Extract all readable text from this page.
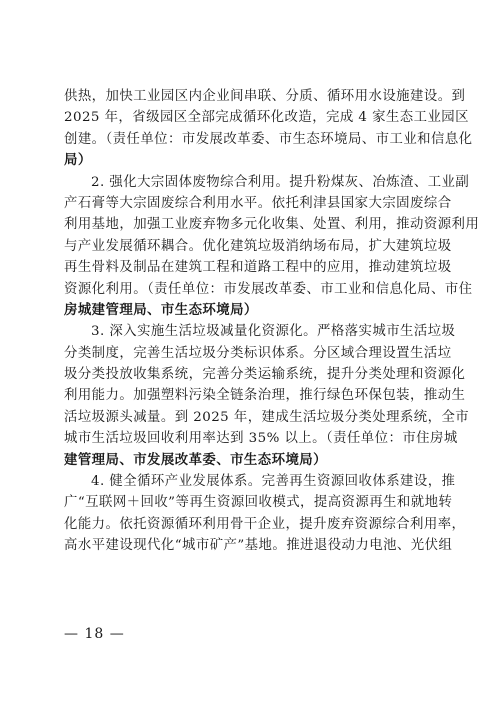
供热，加快工业园区内企业间串联、分质、循环用水设施建设。到
2025 年，省级园区全部完成循环化改造，完成 4 家生态工业园区
创建。（责任单位：市发展改革委、市生态环境局、市工业和信息化
局）
2. 强化大宗固体废物综合利用。提升粉煤灰、冶炼渣、工业副
产石膏等大宗固废综合利用水平。依托利津县国家大宗固废综合
利用基地，加强工业废弃物多元化收集、处置、利用，推动资源利用
与产业发展循环耦合。优化建筑垃圾消纳场布局，扩大建筑垃圾
再生骨料及制品在建筑工程和道路工程中的应用，推动建筑垃圾
资源化利用。（责任单位：市发展改革委、市工业和信息化局、市住
房城建管理局、市生态环境局）
3. 深入实施生活垃圾减量化资源化。严格落实城市生活垃圾
分类制度，完善生活垃圾分类标识体系。分区域合理设置生活垃
圾分类投放收集系统，完善分类运输系统，提升分类处理和资源化
利用能力。加强塑料污染全链条治理，推行绿色环保包装，推动生
活垃圾源头减量。到 2025 年，建成生活垃圾分类处理系统，全市
城市生活垃圾回收利用率达到 35% 以上。（责任单位：市住房城
建管理局、市发展改革委、市生态环境局）
4. 健全循环产业发展体系。完善再生资源回收体系建设，推
广“互联网＋回收”等再生资源回收模式，提高资源再生和就地转
化能力。依托资源循环利用骨干企业，提升废弃资源综合利用率，
高水平建设现代化“城市矿产”基地。推进退役动力电池、光伏组
— 18 —
